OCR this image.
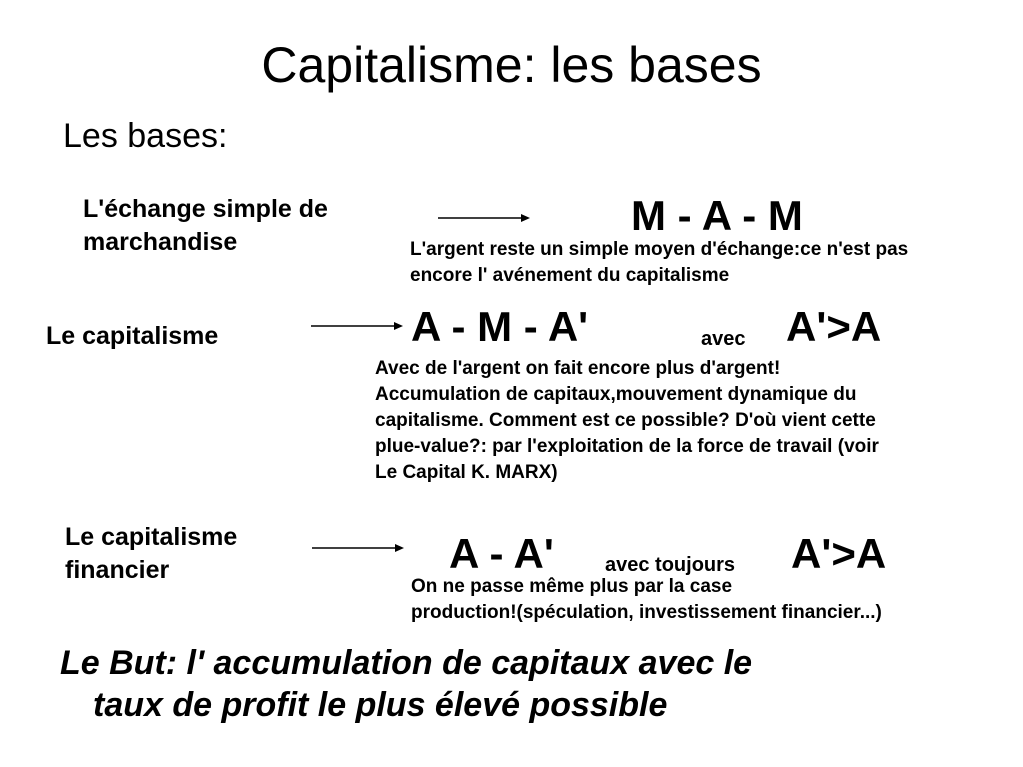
Capitalisme: les bases
Les bases:
L'échange simple de
marchandise
M - A - M
L'argent reste un simple moyen d'échange:ce n'est pas
encore l' avénement du capitalisme
Le capitalisme	A - M - A'	avec A'>A
Avec de l'argent on fait encore plus d'argent!
Accumulation de capitaux,mouvement dynamique du
capitalisme. Comment est ce possible? D'où vient cette
plue-value?: par l'exploitation de la force de travail (voir
Le Capital K. MARX)
Le capitalisme
financier	A - A'	avec toujours A'>A
On ne passe même plus par la case
production!(spéculation, investissement financier...)
Le But: l' accumulation de capitaux avec le
taux de profit le plus élevé possible
